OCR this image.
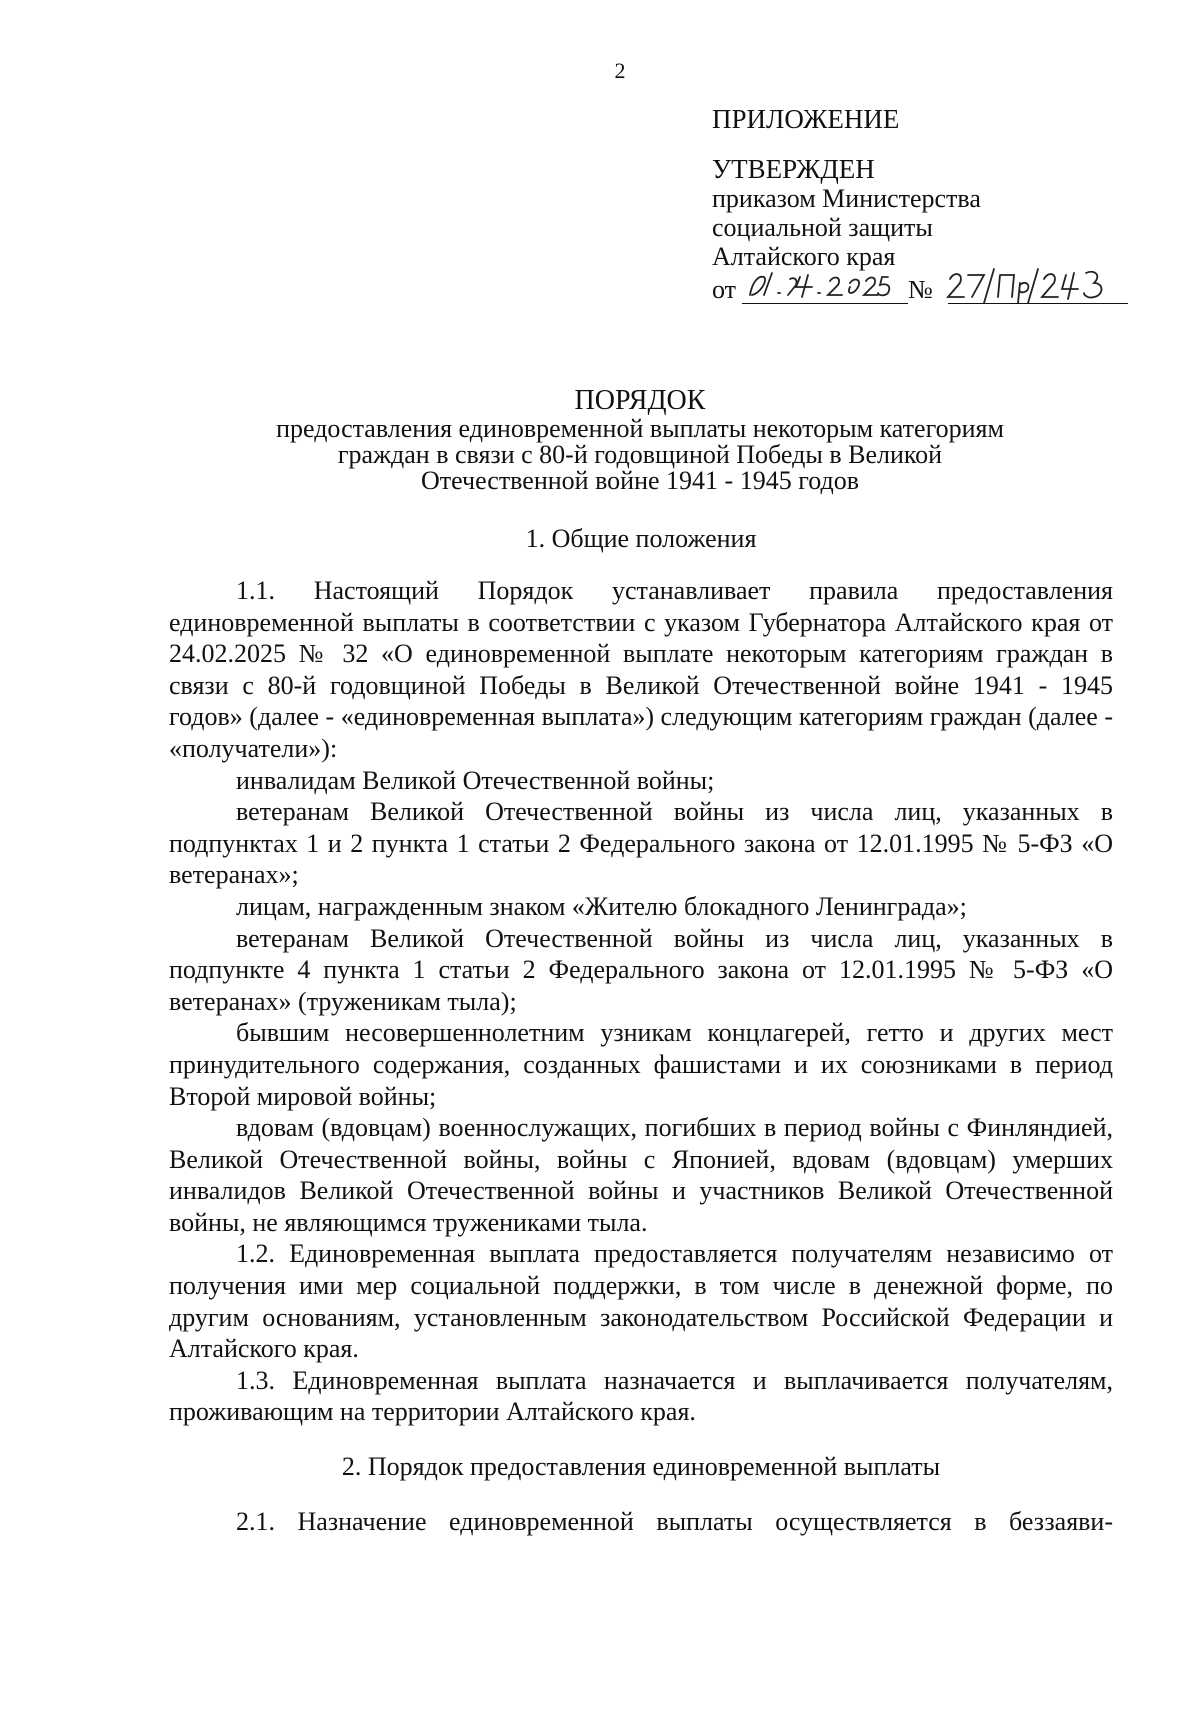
2
ПРИЛОЖЕНИЕ
УТВЕРЖДЕН
приказом Министерства
социальной защиты
Алтайского края
от	№
ПОРЯДОК
предоставления единовременной выплаты некоторым категориям
граждан в связи с 80-й годовщиной Победы в Великой
Отечественной войне 1941 - 1945 годов
1. Общие положения

1.1. Настоящий Порядок устанавливает правила предоставления единовременной выплаты в соответствии с указом Губернатора Алтайского края от 24.02.2025 № 32 «О единовременной выплате некоторым категориям граждан в связи с 80-й годовщиной Победы в Великой Отечественной войне 1941 - 1945 годов» (далее - «единовременная выплата») следующим категориям граждан (далее - «получатели»):

инвалидам Великой Отечественной войны;

ветеранам Великой Отечественной войны из числа лиц, указанных в подпунктах 1 и 2 пункта 1 статьи 2 Федерального закона от 12.01.1995 № 5-ФЗ «О ветеранах»;

лицам, награжденным знаком «Жителю блокадного Ленинграда»;

ветеранам Великой Отечественной войны из числа лиц, указанных в подпункте 4 пункта 1 статьи 2 Федерального закона от 12.01.1995 № 5-ФЗ «О ветеранах» (труженикам тыла);

бывшим несовершеннолетним узникам концлагерей, гетто и других мест принудительного содержания, созданных фашистами и их союзниками в период Второй мировой войны;

вдовам (вдовцам) военнослужащих, погибших в период войны с Финляндией, Великой Отечественной войны, войны с Японией, вдовам (вдовцам) умерших инвалидов Великой Отечественной войны и участников Великой Отечественной войны, не являющимся тружениками тыла.

1.2. Единовременная выплата предоставляется получателям независимо от получения ими мер социальной поддержки, в том числе в денежной форме, по другим основаниям, установленным законодательством Российской Федерации и Алтайского края.

1.3. Единовременная выплата назначается и выплачивается получателям, проживающим на территории Алтайского края.

2. Порядок предоставления единовременной выплаты

2.1. Назначение единовременной выплаты осуществляется в беззаяви-
